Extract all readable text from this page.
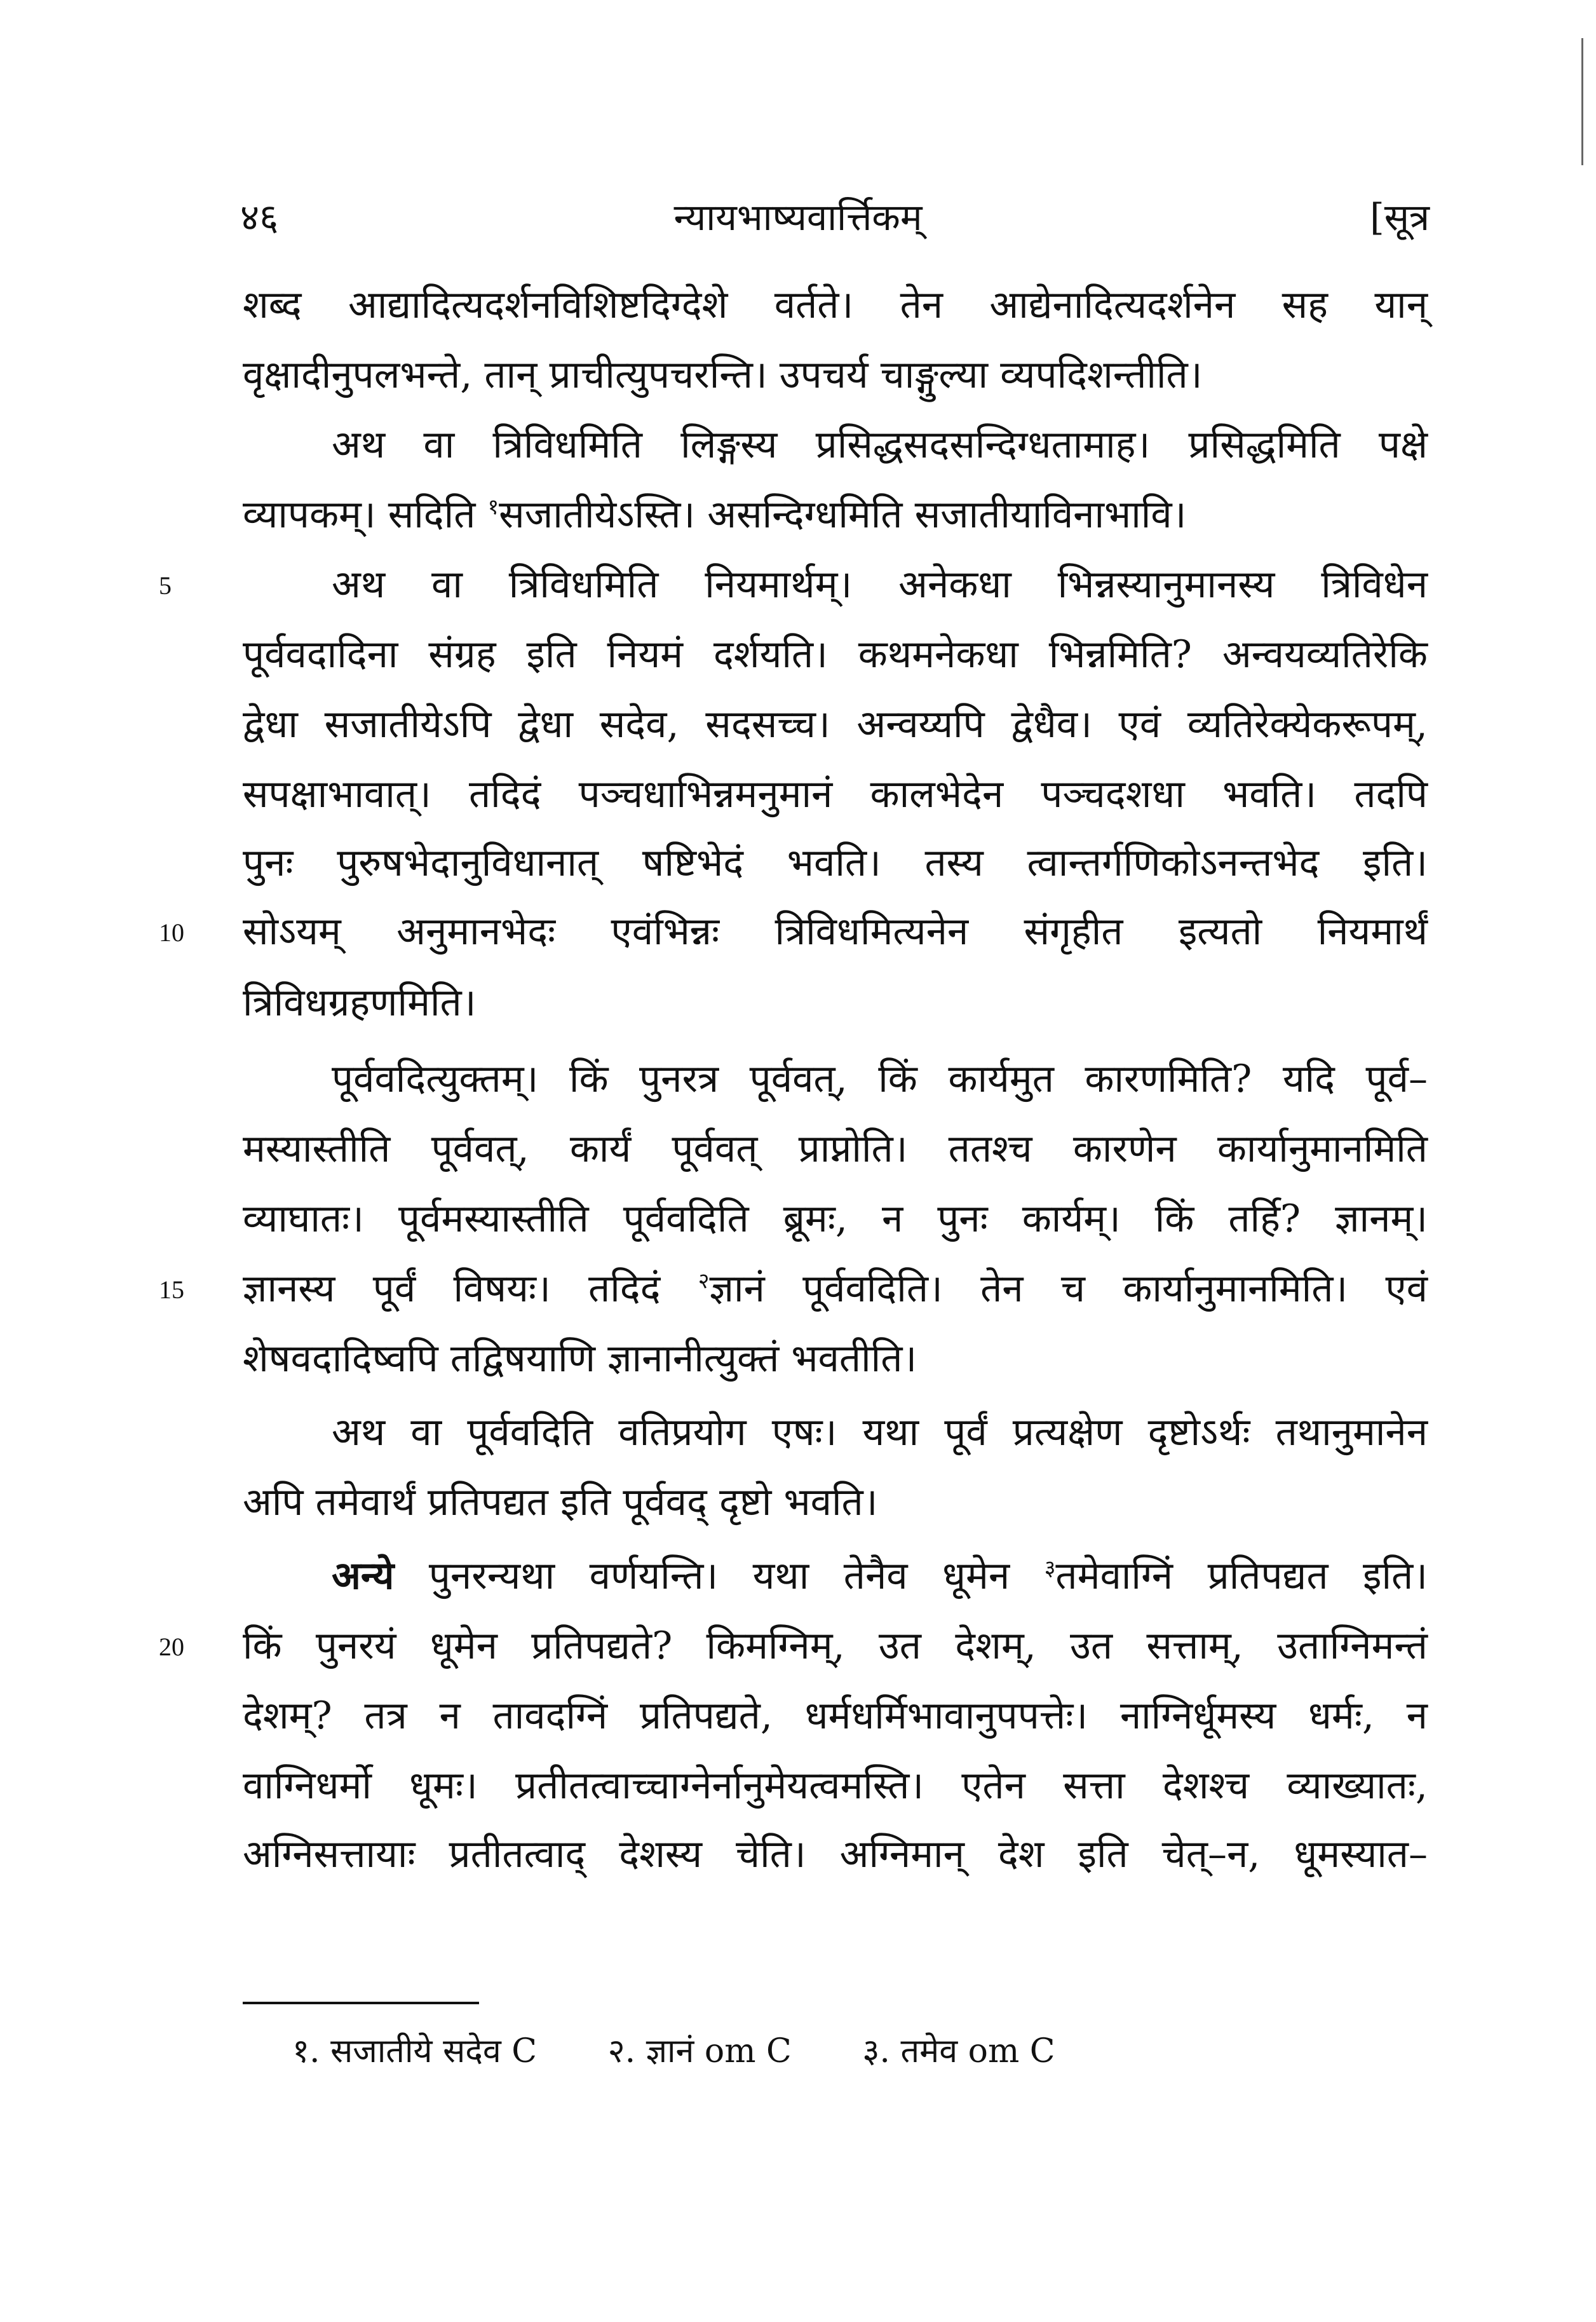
४६	न्यायभाष्यवार्त्तिकम्	[सूत्र
शब्द आद्यादित्यदर्शनविशिष्टदिग्देशे वर्तते। तेन आद्येनादित्यदर्शनेन सह यान्
वृक्षादीनुपलभन्ते, तान् प्राचीत्युपचरन्ति। उपचर्य चाङ्गुल्या व्यपदिशन्तीति।
अथ वा त्रिविधमिति लिङ्गस्य प्रसिद्धसदसन्दिग्धतामाह। प्रसिद्धमिति पक्षे
व्यापकम्। सदिति $^१$सजातीयेऽस्ति। असन्दिग्धमिति सजातीयाविनाभावि।
अथ वा त्रिविधमिति नियमार्थम्। अनेकधा भिन्नस्यानुमानस्य त्रिविधेन
5
पूर्ववदादिना संग्रह इति नियमं दर्शयति। कथमनेकधा भिन्नमिति? अन्वयव्यतिरेकि
द्वेधा सजातीयेऽपि द्वेधा सदेव, सदसच्च। अन्वय्यपि द्वेधैव। एवं व्यतिरेक्येकरूपम्,
सपक्षाभावात्। तदिदं पञ्चधाभिन्नमनुमानं कालभेदेन पञ्चदशधा भवति। तदपि
पुनः पुरुषभेदानुविधानात् षष्टिभेदं भवति। तस्य त्वान्तर्गणिकोऽनन्तभेद इति।
सोऽयम् अनुमानभेदः एवंभिन्नः त्रिविधमित्यनेन संगृहीत इत्यतो नियमार्थं
10
त्रिविधग्रहणमिति।
पूर्ववदित्युक्तम्। किं पुनरत्र पूर्ववत्, किं कार्यमुत कारणमिति? यदि पूर्व–
मस्यास्तीति पूर्ववत्, कार्यं पूर्ववत् प्राप्नोति। ततश्च कारणेन कार्यानुमानमिति
व्याघातः। पूर्वमस्यास्तीति पूर्ववदिति ब्रूमः, न पुनः कार्यम्। किं तर्हि? ज्ञानम्।
ज्ञानस्य पूर्वं विषयः। तदिदं $^२$ज्ञानं पूर्ववदिति। तेन च कार्यानुमानमिति। एवं
15
शेषवदादिष्वपि तद्विषयाणि ज्ञानानीत्युक्तं भवतीति।
अथ वा पूर्ववदिति वतिप्रयोग एषः। यथा पूर्वं प्रत्यक्षेण दृष्टोऽर्थः तथानुमानेन
अपि तमेवार्थं प्रतिपद्यत इति पूर्ववद् दृष्टो भवति।
अन्ये पुनरन्यथा वर्णयन्ति। यथा तेनैव धूमेन $^३$तमेवाग्निं प्रतिपद्यत इति।
किं पुनरयं धूमेन प्रतिपद्यते? किमग्निम्, उत देशम्, उत सत्ताम्, उताग्निमन्तं
20
देशम्? तत्र न तावदग्निं प्रतिपद्यते, धर्मधर्मिभावानुपपत्तेः। नाग्निर्धूमस्य धर्मः, न
वाग्निधर्मो धूमः। प्रतीतत्वाच्चाग्नेर्नानुमेयत्वमस्ति। एतेन सत्ता देशश्च व्याख्यातः,
अग्निसत्तायाः प्रतीतत्वाद् देशस्य चेति। अग्निमान् देश इति चेत्–न, धूमस्यात–
१. सजातीये सदेव C २. ज्ञानं om C ३. तमेव om C
